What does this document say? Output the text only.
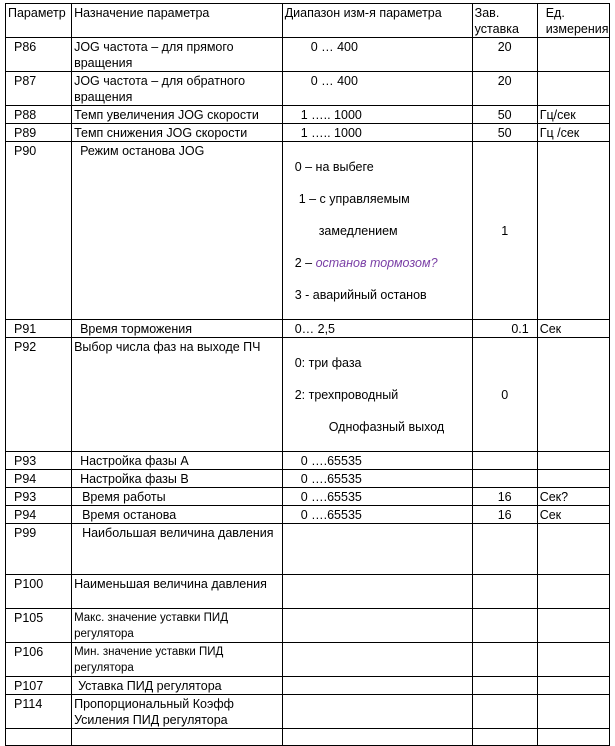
Параметр	Назначение параметра	Диапазон изм-я параметра	Зав. уставка	Ед. измерения
P86	JOG частота – для прямого вращения	0 … 400	20	
P87	JOG частота – для обратного вращения	0 … 400	20	
P88	Темп увеличения JOG скорости	1 ….. 1000	50	Гц/сек
P89	Темп снижения JOG скорости	1 ….. 1000	50	Гц /сек
P90	Режим останова JOG	0 – на выбеге

1 – с управляемым

замедлением

2 – остaнов тормозом?

3 - аварийный останов	1	
P91	Время торможения	0… 2,5	0.1	Сек
P92	Выбор числа фаз на выходе ПЧ	0: три фаза

2: трехпроводный

Однофазный выход	0	
P93	Настройка фазы А	0 ….65535		
P94	Настройка фазы В	0 ….65535		
P93	Время работы	0 ….65535	16	Сек?
P94	Время останова	0 ….65535	16	Сек
P99	Наибольшая величина давления			
P100	Наименьшая величина давления			
P105	Макс. значение уставки ПИД регулятора			
P106	Мин. значение уставки ПИД регулятора			
P107	Уставка ПИД регулятора			
P114	Пропорциональный Коэфф Усиления ПИД регулятора			
